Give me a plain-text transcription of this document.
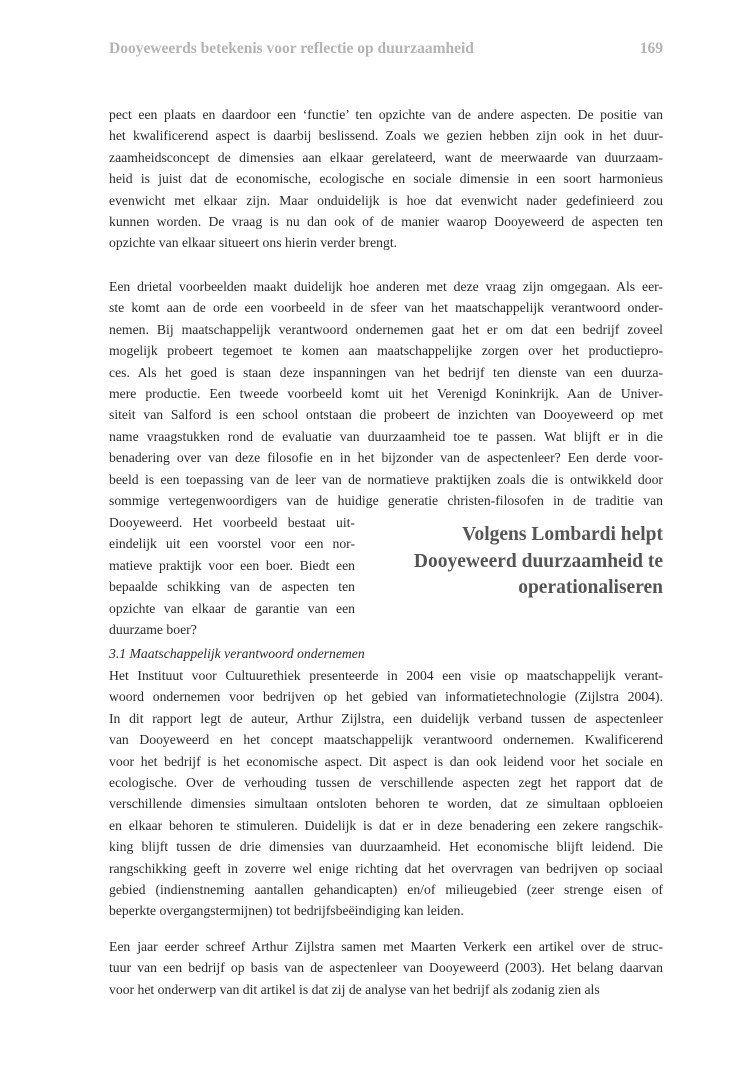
Dooyeweerds betekenis voor reflectie op duurzaamheid	169
pect een plaats en daardoor een ‘functie’ ten opzichte van de andere aspecten. De positie van
het kwalificerend aspect is daarbij beslissend. Zoals we gezien hebben zijn ook in het duur-
zaamheidsconcept de dimensies aan elkaar gerelateerd, want de meerwaarde van duurzaam-
heid is juist dat de economische, ecologische en sociale dimensie in een soort harmonieus
evenwicht met elkaar zijn. Maar onduidelijk is hoe dat evenwicht nader gedefinieerd zou
kunnen worden. De vraag is nu dan ook of de manier waarop Dooyeweerd de aspecten ten
opzichte van elkaar situeert ons hierin verder brengt.
Een drietal voorbeelden maakt duidelijk hoe anderen met deze vraag zijn omgegaan. Als eer-
ste komt aan de orde een voorbeeld in de sfeer van het maatschappelijk verantwoord onder-
nemen. Bij maatschappelijk verantwoord ondernemen gaat het er om dat een bedrijf zoveel
mogelijk probeert tegemoet te komen aan maatschappelijke zorgen over het productiepro-
ces. Als het goed is staan deze inspanningen van het bedrijf ten dienste van een duurza-
mere productie. Een tweede voorbeeld komt uit het Verenigd Koninkrijk. Aan de Univer-
siteit van Salford is een school ontstaan die probeert de inzichten van Dooyeweerd op met
name vraagstukken rond de evaluatie van duurzaamheid toe te passen. Wat blijft er in die
benadering over van deze filosofie en in het bijzonder van de aspectenleer? Een derde voor-
beeld is een toepassing van de leer van de normatieve praktijken zoals die is ontwikkeld door
sommige vertegenwoordigers van de huidige generatie christen-filosofen in de traditie van
Dooyeweerd. Het voorbeeld bestaat uit-
eindelijk uit een voorstel voor een nor-
matieve praktijk voor een boer. Biedt een
bepaalde schikking van de aspecten ten
opzichte van elkaar de garantie van een
duurzame boer?
Volgens Lombardi helpt
Dooyeweerd duurzaamheid te
operationaliseren
3.1 Maatschappelijk verantwoord ondernemen
Het Instituut voor Cultuurethiek presenteerde in 2004 een visie op maatschappelijk verant-
woord ondernemen voor bedrijven op het gebied van informatietechnologie (Zijlstra 2004).
In dit rapport legt de auteur, Arthur Zijlstra, een duidelijk verband tussen de aspectenleer
van Dooyeweerd en het concept maatschappelijk verantwoord ondernemen. Kwalificerend
voor het bedrijf is het economische aspect. Dit aspect is dan ook leidend voor het sociale en
ecologische. Over de verhouding tussen de verschillende aspecten zegt het rapport dat de
verschillende dimensies simultaan ontsloten behoren te worden, dat ze simultaan opbloeien
en elkaar behoren te stimuleren. Duidelijk is dat er in deze benadering een zekere rangschik-
king blijft tussen de drie dimensies van duurzaamheid. Het economische blijft leidend. Die
rangschikking geeft in zoverre wel enige richting dat het overvragen van bedrijven op sociaal
gebied (indienstneming aantallen gehandicapten) en/of milieugebied (zeer strenge eisen of
beperkte overgangstermijnen) tot bedrijfsbeëindiging kan leiden.
Een jaar eerder schreef Arthur Zijlstra samen met Maarten Verkerk een artikel over de struc-
tuur van een bedrijf op basis van de aspectenleer van Dooyeweerd (2003). Het belang daarvan
voor het onderwerp van dit artikel is dat zij de analyse van het bedrijf als zodanig zien als
